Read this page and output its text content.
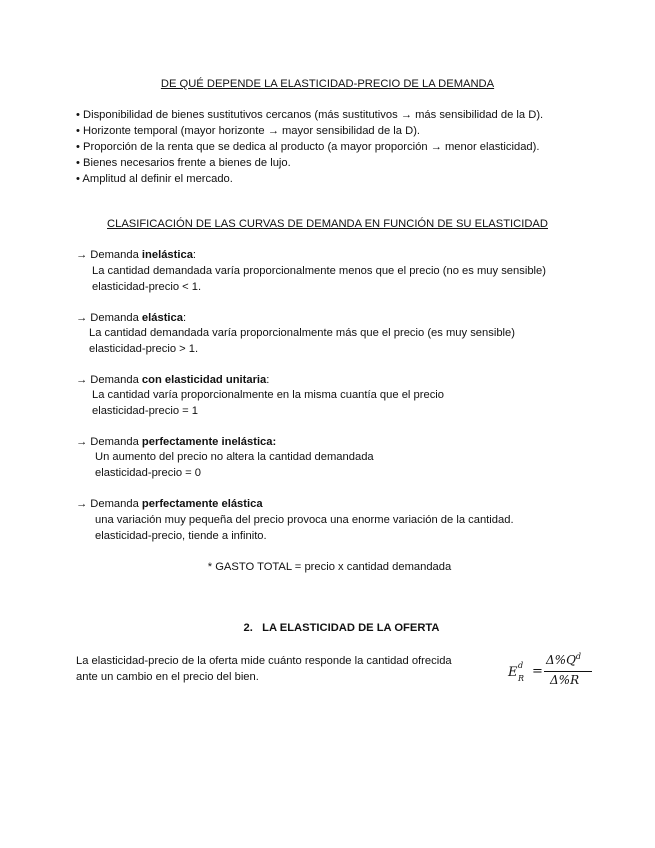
DE QUÉ DEPENDE LA ELASTICIDAD-PRECIO DE LA DEMANDA
• Disponibilidad de bienes sustitutivos cercanos (más sustitutivos → más sensibilidad de la D).
• Horizonte temporal (mayor horizonte → mayor sensibilidad de la D).
• Proporción de la renta que se dedica al producto (a mayor proporción → menor elasticidad).
• Bienes necesarios frente a bienes de lujo.
• Amplitud al definir el mercado.
CLASIFICACIÓN DE LAS CURVAS DE DEMANDA EN FUNCIÓN DE SU ELASTICIDAD
→ Demanda inelástica:
La cantidad demandada varía proporcionalmente menos que el precio (no es muy sensible)
elasticidad-precio < 1.
→ Demanda elástica:
La cantidad demandada varía proporcionalmente más que el precio (es muy sensible)
elasticidad-precio > 1.
→ Demanda con elasticidad unitaria:
La cantidad varía proporcionalmente en la misma cuantía que el precio
elasticidad-precio = 1
→ Demanda perfectamente inelástica:
Un aumento del precio no altera la cantidad demandada
elasticidad-precio = 0
→ Demanda perfectamente elástica
una variación muy pequeña del precio provoca una enorme variación de la cantidad.
elasticidad-precio, tiende a infinito.
* GASTO TOTAL = precio x cantidad demandada
2.   LA ELASTICIDAD DE LA OFERTA
La elasticidad-precio de la oferta mide cuánto responde la cantidad ofrecida
ante un cambio en el precio del bien.	E d
R =
$\Delta\%Q^d$
Δ%R
